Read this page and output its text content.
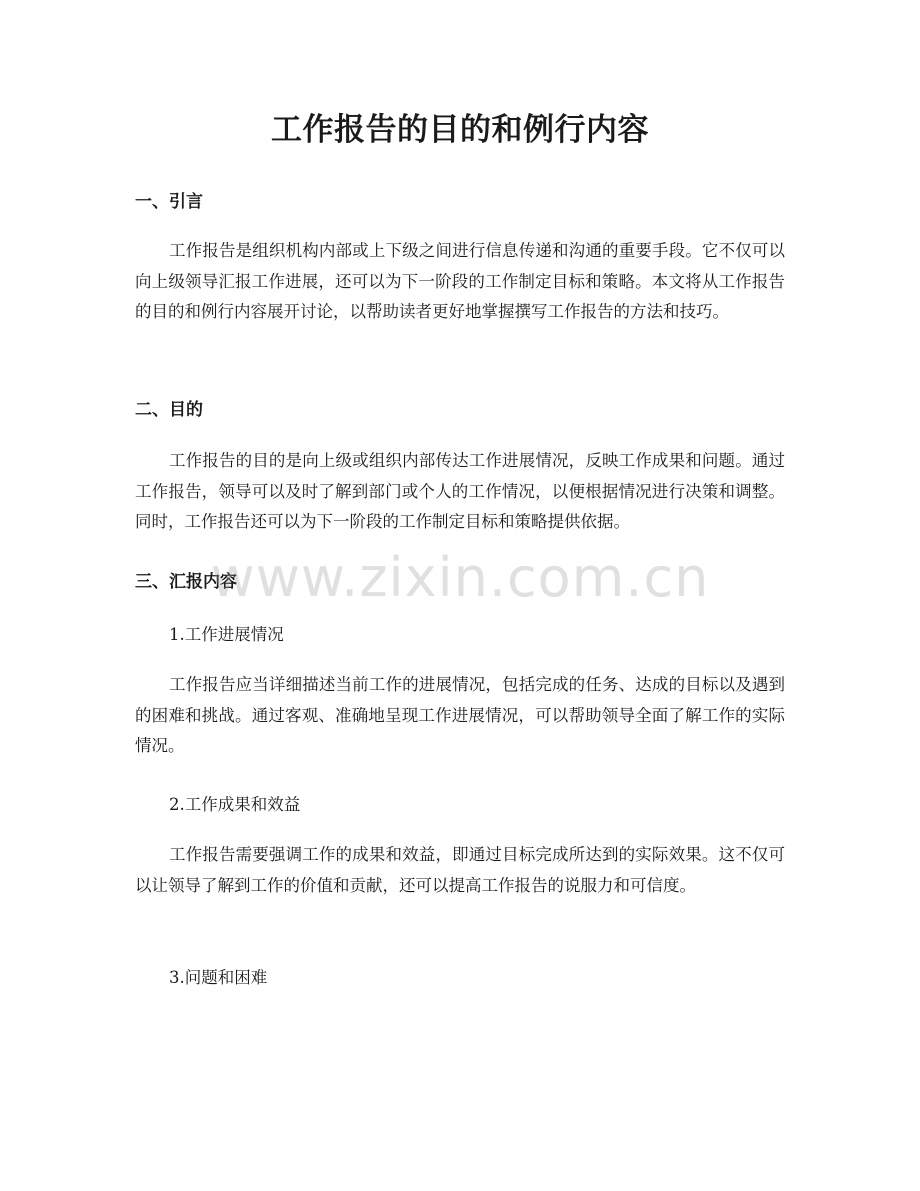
工作报告的目的和例行内容
一、引言

工作报告是组织机构内部或上下级之间进行信息传递和沟通的重要手段。它不仅可以向上级领导汇报工作进展，还可以为下一阶段的工作制定目标和策略。本文将从工作报告的目的和例行内容展开讨论，以帮助读者更好地掌握撰写工作报告的方法和技巧。

二、目的

工作报告的目的是向上级或组织内部传达工作进展情况，反映工作成果和问题。通过工作报告，领导可以及时了解到部门或个人的工作情况，以便根据情况进行决策和调整。同时，工作报告还可以为下一阶段的工作制定目标和策略提供依据。

三、汇报内容

1.工作进展情况

工作报告应当详细描述当前工作的进展情况，包括完成的任务、达成的目标以及遇到的困难和挑战。通过客观、准确地呈现工作进展情况，可以帮助领导全面了解工作的实际情况。

2.工作成果和效益

工作报告需要强调工作的成果和效益，即通过目标完成所达到的实际效果。这不仅可以让领导了解到工作的价值和贡献，还可以提高工作报告的说服力和可信度。

3.问题和困难

www.zixin.com.cn
